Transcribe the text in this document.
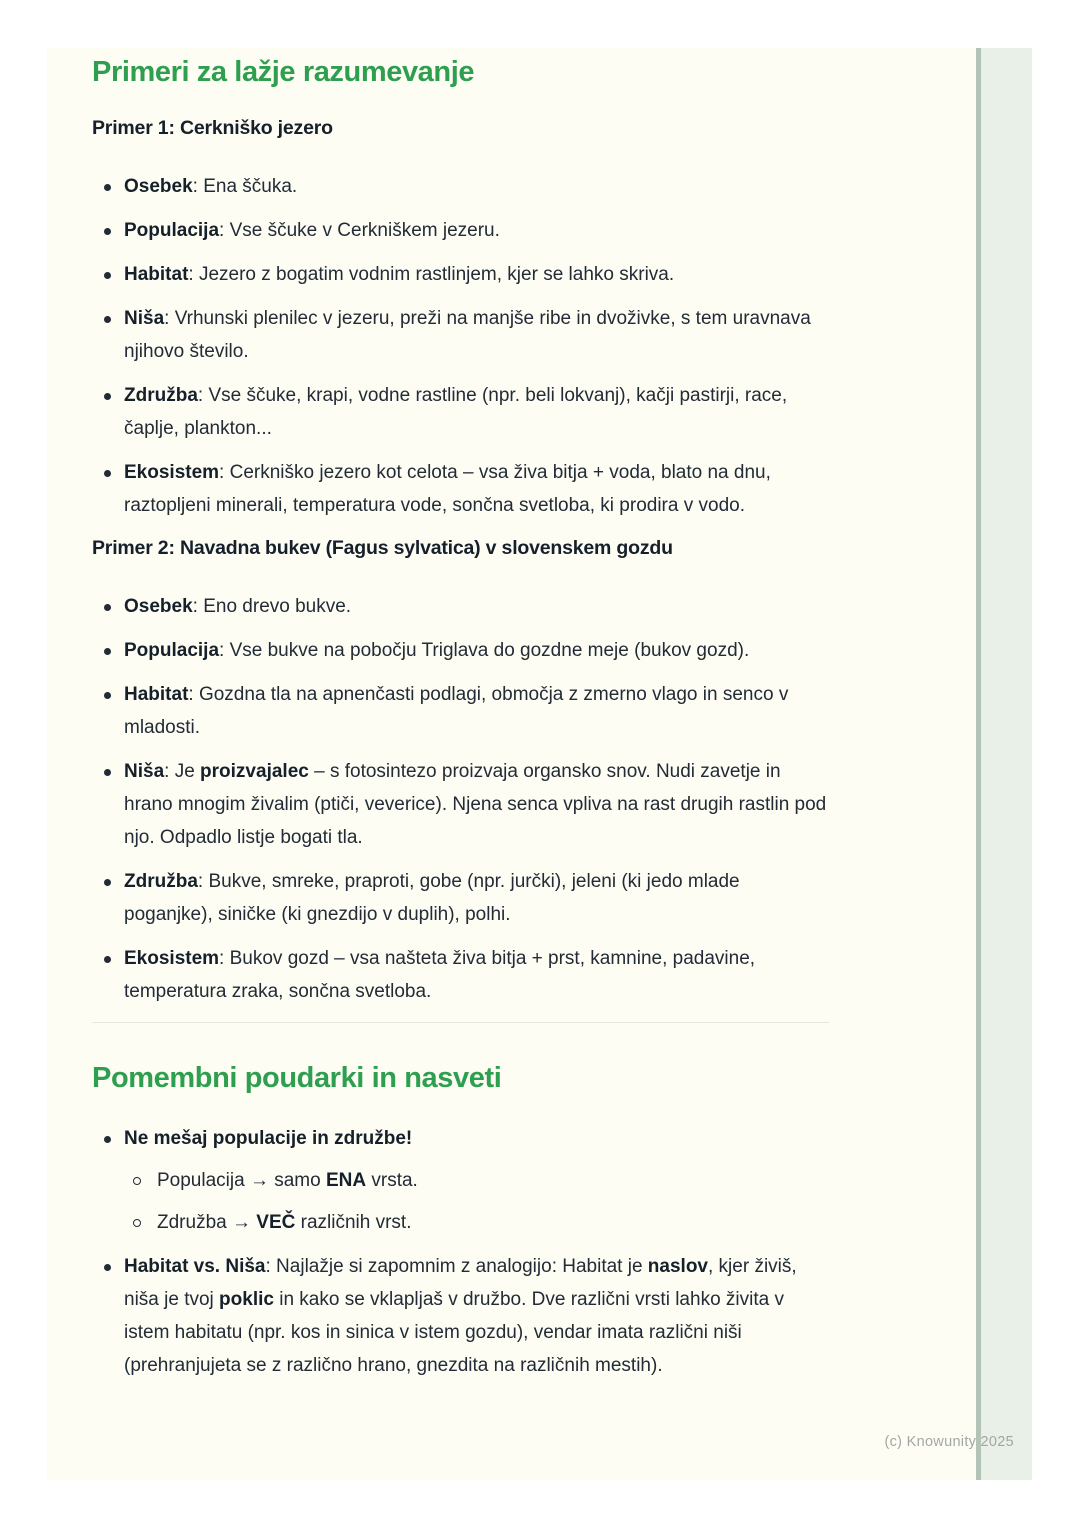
Primeri za lažje razumevanje
Primer 1: Cerkniško jezero
Osebek: Ena ščuka.
Populacija: Vse ščuke v Cerkniškem jezeru.
Habitat: Jezero z bogatim vodnim rastlinjem, kjer se lahko skriva.
Niša: Vrhunski plenilec v jezeru, preži na manjše ribe in dvoživke, s tem uravnava njihovo število.
Združba: Vse ščuke, krapi, vodne rastline (npr. beli lokvanj), kačji pastirji, race, čaplje, plankton...
Ekosistem: Cerkniško jezero kot celota – vsa živa bitja + voda, blato na dnu, raztopljeni minerali, temperatura vode, sončna svetloba, ki prodira v vodo.
Primer 2: Navadna bukev (Fagus sylvatica) v slovenskem gozdu
Osebek: Eno drevo bukve.
Populacija: Vse bukve na pobočju Triglava do gozdne meje (bukov gozd).
Habitat: Gozdna tla na apnenčasti podlagi, območja z zmerno vlago in senco v mladosti.
Niša: Je proizvajalec – s fotosintezo proizvaja organsko snov. Nudi zavetje in hrano mnogim živalim (ptiči, veverice). Njena senca vpliva na rast drugih rastlin pod njo. Odpadlo listje bogati tla.
Združba: Bukve, smreke, praproti, gobe (npr. jurčki), jeleni (ki jedo mlade poganjke), siničke (ki gnezdijo v duplih), polhi.
Ekosistem: Bukov gozd – vsa našteta živa bitja + prst, kamnine, padavine, temperatura zraka, sončna svetloba.
Pomembni poudarki in nasveti
Ne mešaj populacije in združbe!
Populacija → samo ENA vrsta.
Združba → VEČ različnih vrst.
Habitat vs. Niša: Najlažje si zapomnim z analogijo: Habitat je naslov, kjer živiš, niša je tvoj poklic in kako se vklapljaš v družbo. Dve različni vrsti lahko živita v istem habitatu (npr. kos in sinica v istem gozdu), vendar imata različni niši (prehranjujeta se z različno hrano, gnezdita na različnih mestih).
(c) Knowunity 2025
